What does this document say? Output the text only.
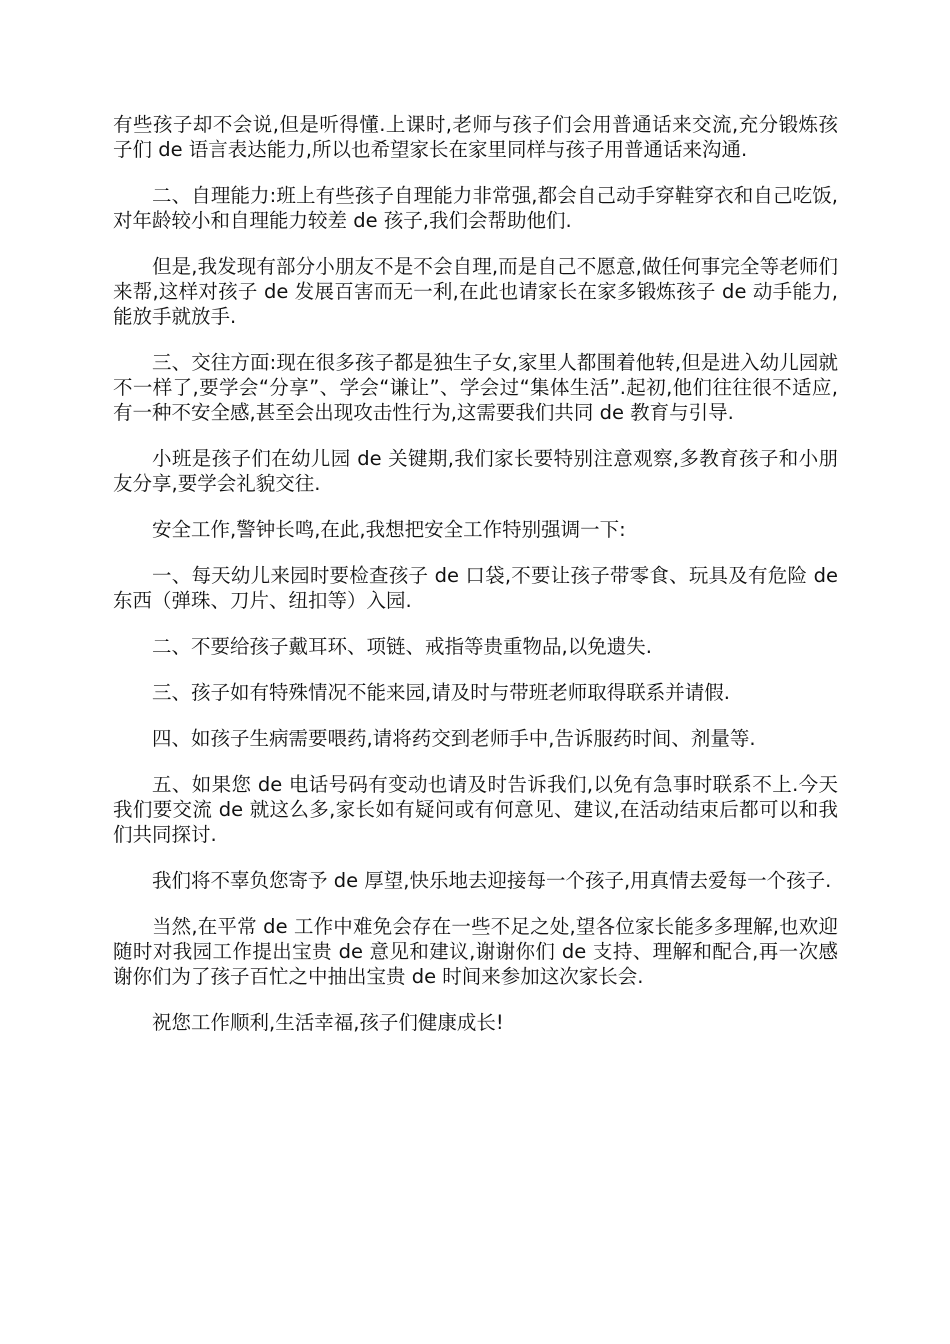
有些孩子却不会说,但是听得懂.上课时,老师与孩子们会用普通话来交流,充分锻炼孩子们 de 语言表达能力,所以也希望家长在家里同样与孩子用普通话来沟通.

二、自理能力:班上有些孩子自理能力非常强,都会自己动手穿鞋穿衣和自己吃饭,对年龄较小和自理能力较差 de 孩子,我们会帮助他们.

但是,我发现有部分小朋友不是不会自理,而是自己不愿意,做任何事完全等老师们来帮,这样对孩子 de 发展百害而无一利,在此也请家长在家多锻炼孩子 de 动手能力,能放手就放手.

三、交往方面:现在很多孩子都是独生子女,家里人都围着他转,但是进入幼儿园就不一样了,要学会“分享”、学会“谦让”、学会过“集体生活”.起初,他们往往很不适应,有一种不安全感,甚至会出现攻击性行为,这需要我们共同 de 教育与引导.

小班是孩子们在幼儿园 de 关键期,我们家长要特别注意观察,多教育孩子和小朋友分享,要学会礼貌交往.

安全工作,警钟长鸣,在此,我想把安全工作特别强调一下:

一、每天幼儿来园时要检查孩子 de 口袋,不要让孩子带零食、玩具及有危险 de 东西（弹珠、刀片、纽扣等）入园.

二、不要给孩子戴耳环、项链、戒指等贵重物品,以免遗失.

三、孩子如有特殊情况不能来园,请及时与带班老师取得联系并请假.

四、如孩子生病需要喂药,请将药交到老师手中,告诉服药时间、剂量等.

五、如果您 de 电话号码有变动也请及时告诉我们,以免有急事时联系不上.今天我们要交流 de 就这么多,家长如有疑问或有何意见、建议,在活动结束后都可以和我们共同探讨.

我们将不辜负您寄予 de 厚望,快乐地去迎接每一个孩子,用真情去爱每一个孩子.

当然,在平常 de 工作中难免会存在一些不足之处,望各位家长能多多理解,也欢迎随时对我园工作提出宝贵 de 意见和建议,谢谢你们 de 支持、理解和配合,再一次感谢你们为了孩子百忙之中抽出宝贵 de 时间来参加这次家长会.

祝您工作顺利,生活幸福,孩子们健康成长!
